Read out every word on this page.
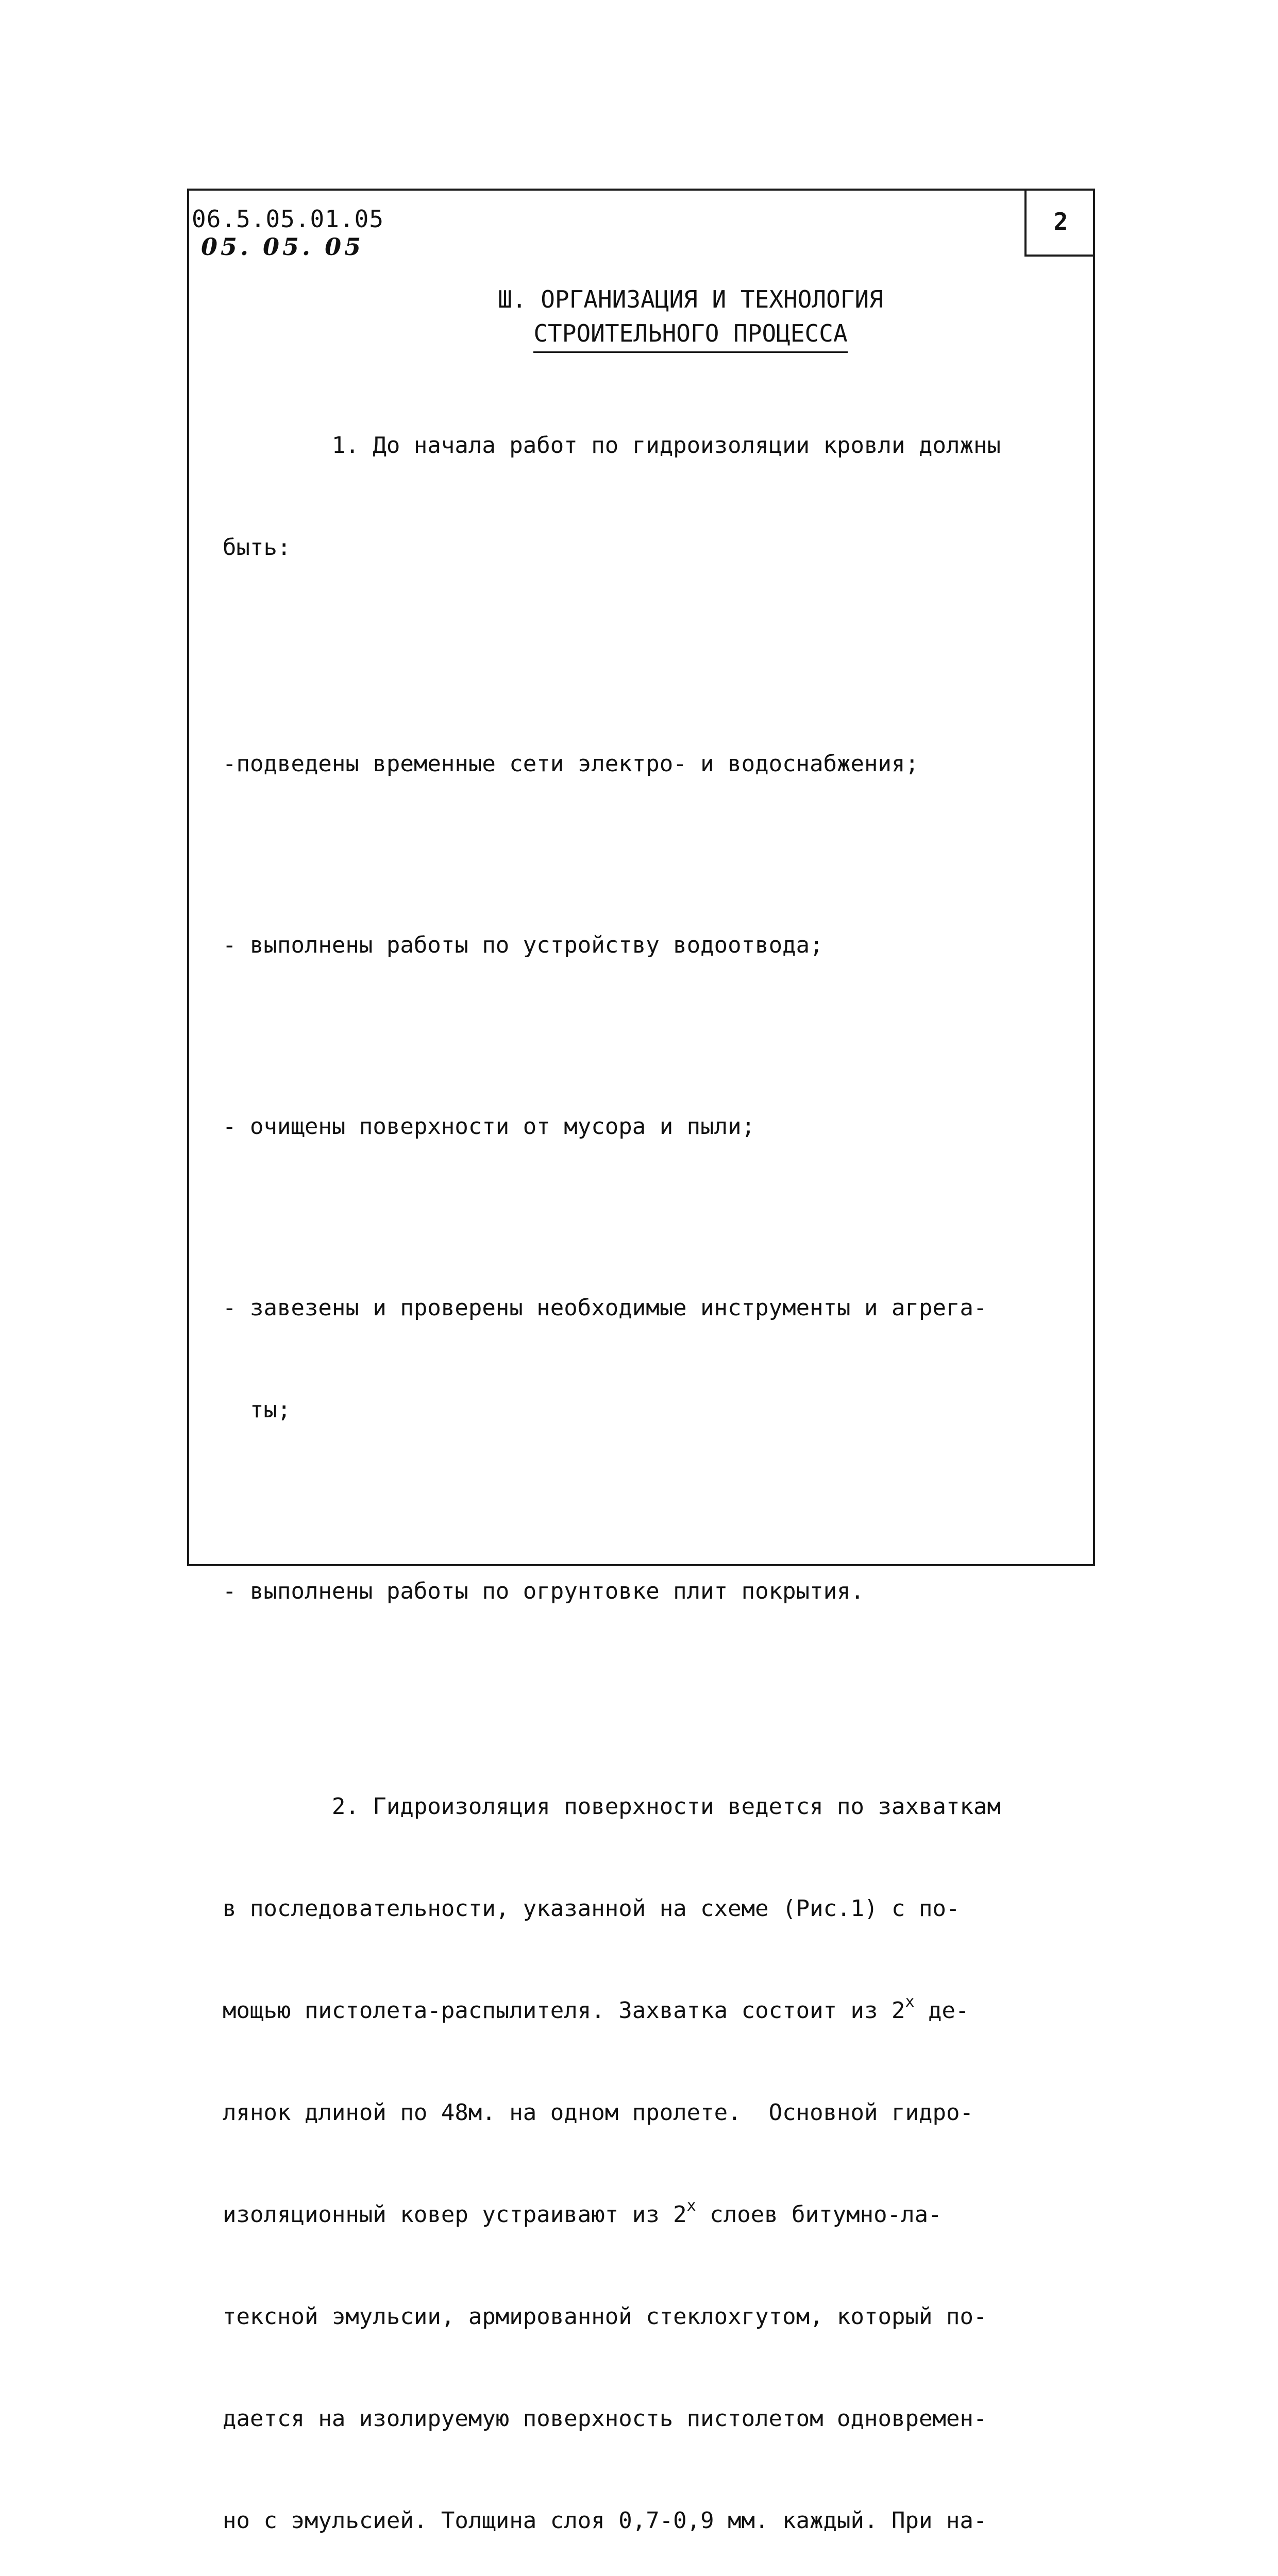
2
06.5.05.01.05
05. 05. 05
Ш. ОРГАНИЗАЦИЯ И ТЕХНОЛОГИЯ
СТРОИТЕЛЬНОГО ПРОЦЕССА

1. До начала работ по гидроизоляции кровли должны

быть:

-подведены временные сети электро- и водоснабжения;

- выполнены работы по устройству водоотвода;

- очищены поверхности от мусора и пыли;

- завезены и проверены необходимые инструменты и агрега-

ты;

- выполнены работы по огрунтовке плит покрытия.

2. Гидроизоляция поверхности ведется по захваткам

в последовательности, указанной на схеме (Рис.1) с по-

мощью пистолета-распылителя. Захватка состоит из 2$^x$ де-

лянок длиной по 48м. на одном пролете.  Основной гидро-

изоляционный ковер устраивают из 2$^x$ слоев битумно-ла-

тексной эмульсии, армированной стеклохгутом, который по-

дается на изолируемую поверхность пистолетом одновремен-

но с эмульсией. Толщина слоя 0,7-0,9 мм. каждый. При на-
